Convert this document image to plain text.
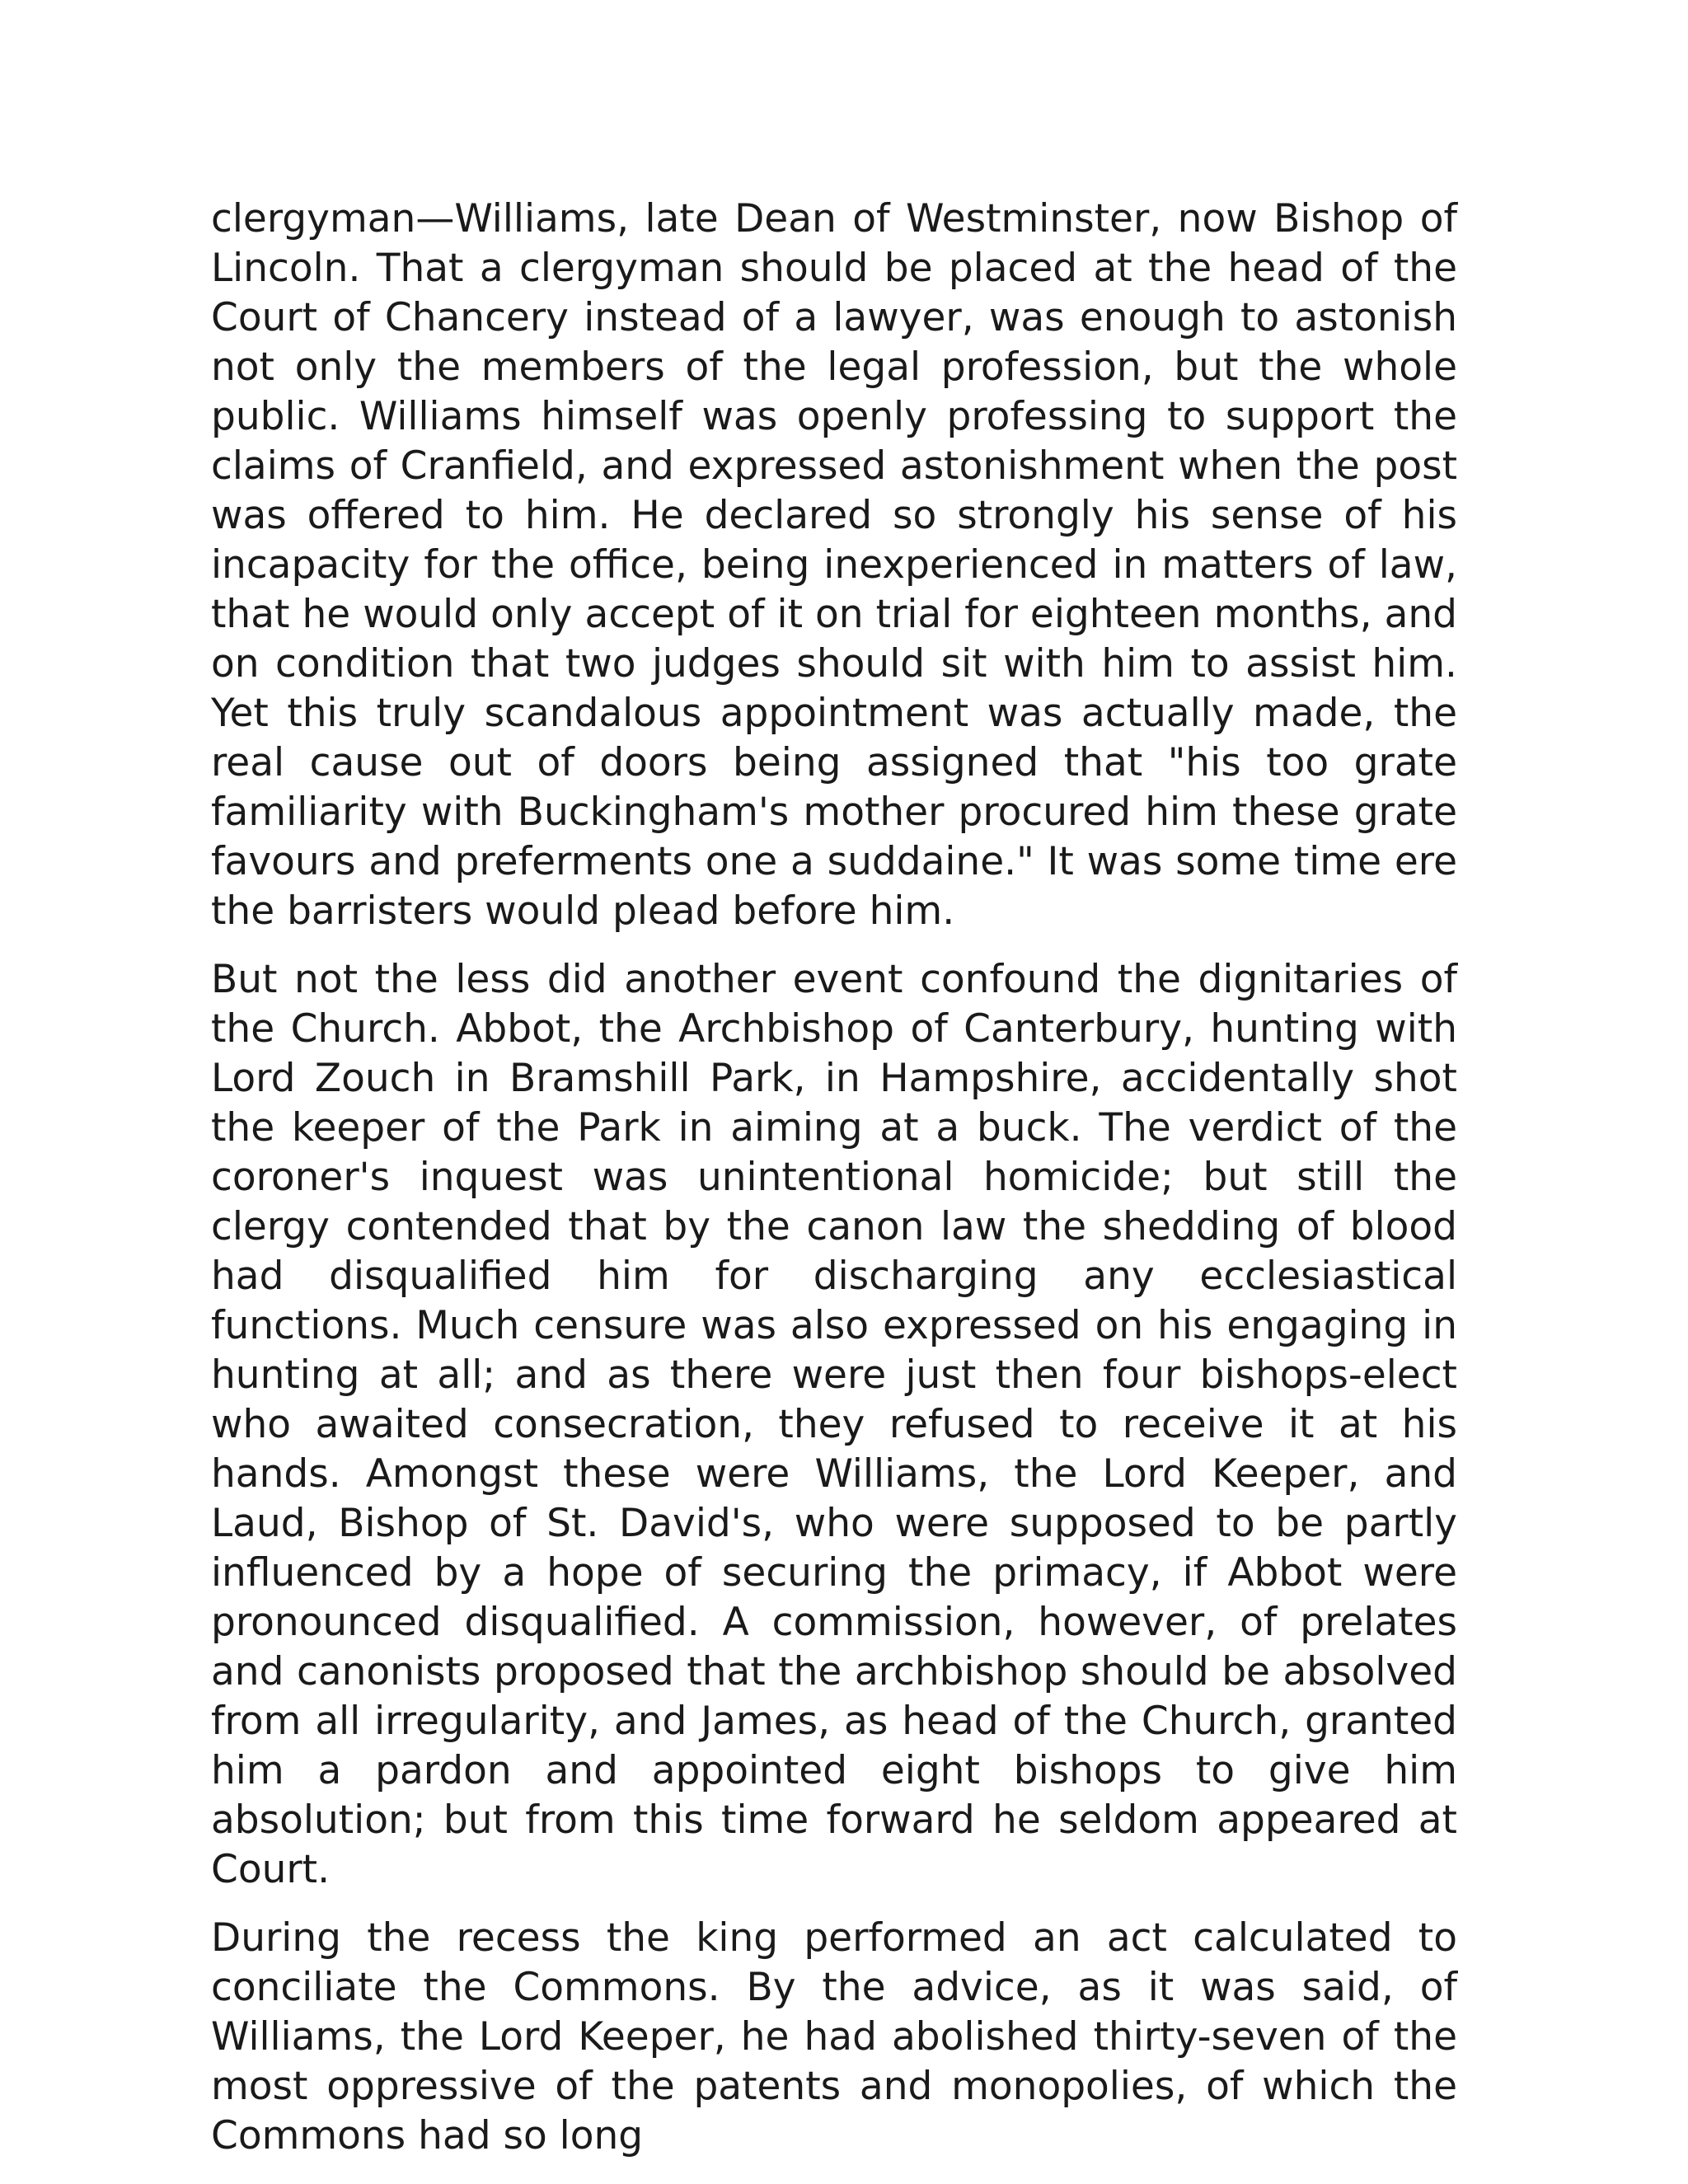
clergyman—Williams, late Dean of Westminster, now Bishop of Lincoln. That a clergyman should be placed at the head of the Court of Chancery instead of a lawyer, was enough to astonish not only the members of the legal profession, but the whole public. Williams himself was openly professing to support the claims of Cranfield, and expressed astonishment when the post was offered to him. He declared so strongly his sense of his incapacity for the office, being inexperienced in matters of law, that he would only accept of it on trial for eighteen months, and on condition that two judges should sit with him to assist him. Yet this truly scandalous appointment was actually made, the real cause out of doors being assigned that "his too grate familiarity with Buckingham's mother procured him these grate favours and preferments one a suddaine." It was some time ere the barristers would plead before him.

But not the less did another event confound the dignitaries of the Church. Abbot, the Archbishop of Canterbury, hunting with Lord Zouch in Bramshill Park, in Hampshire, accidentally shot the keeper of the Park in aiming at a buck. The verdict of the coroner's inquest was unintentional homicide; but still the clergy contended that by the canon law the shedding of blood had disqualified him for discharging any ecclesiastical functions. Much censure was also expressed on his engaging in hunting at all; and as there were just then four bishops-elect who awaited consecration, they refused to receive it at his hands. Amongst these were Williams, the Lord Keeper, and Laud, Bishop of St. David's, who were supposed to be partly influenced by a hope of securing the primacy, if Abbot were pronounced disqualified. A commission, however, of prelates and canonists proposed that the archbishop should be absolved from all irregularity, and James, as head of the Church, granted him a pardon and appointed eight bishops to give him absolution; but from this time forward he seldom appeared at Court.

During the recess the king performed an act calculated to conciliate the Commons. By the advice, as it was said, of Williams, the Lord Keeper, he had abolished thirty-seven of the most oppressive of the patents and monopolies, of which the Commons had so long
